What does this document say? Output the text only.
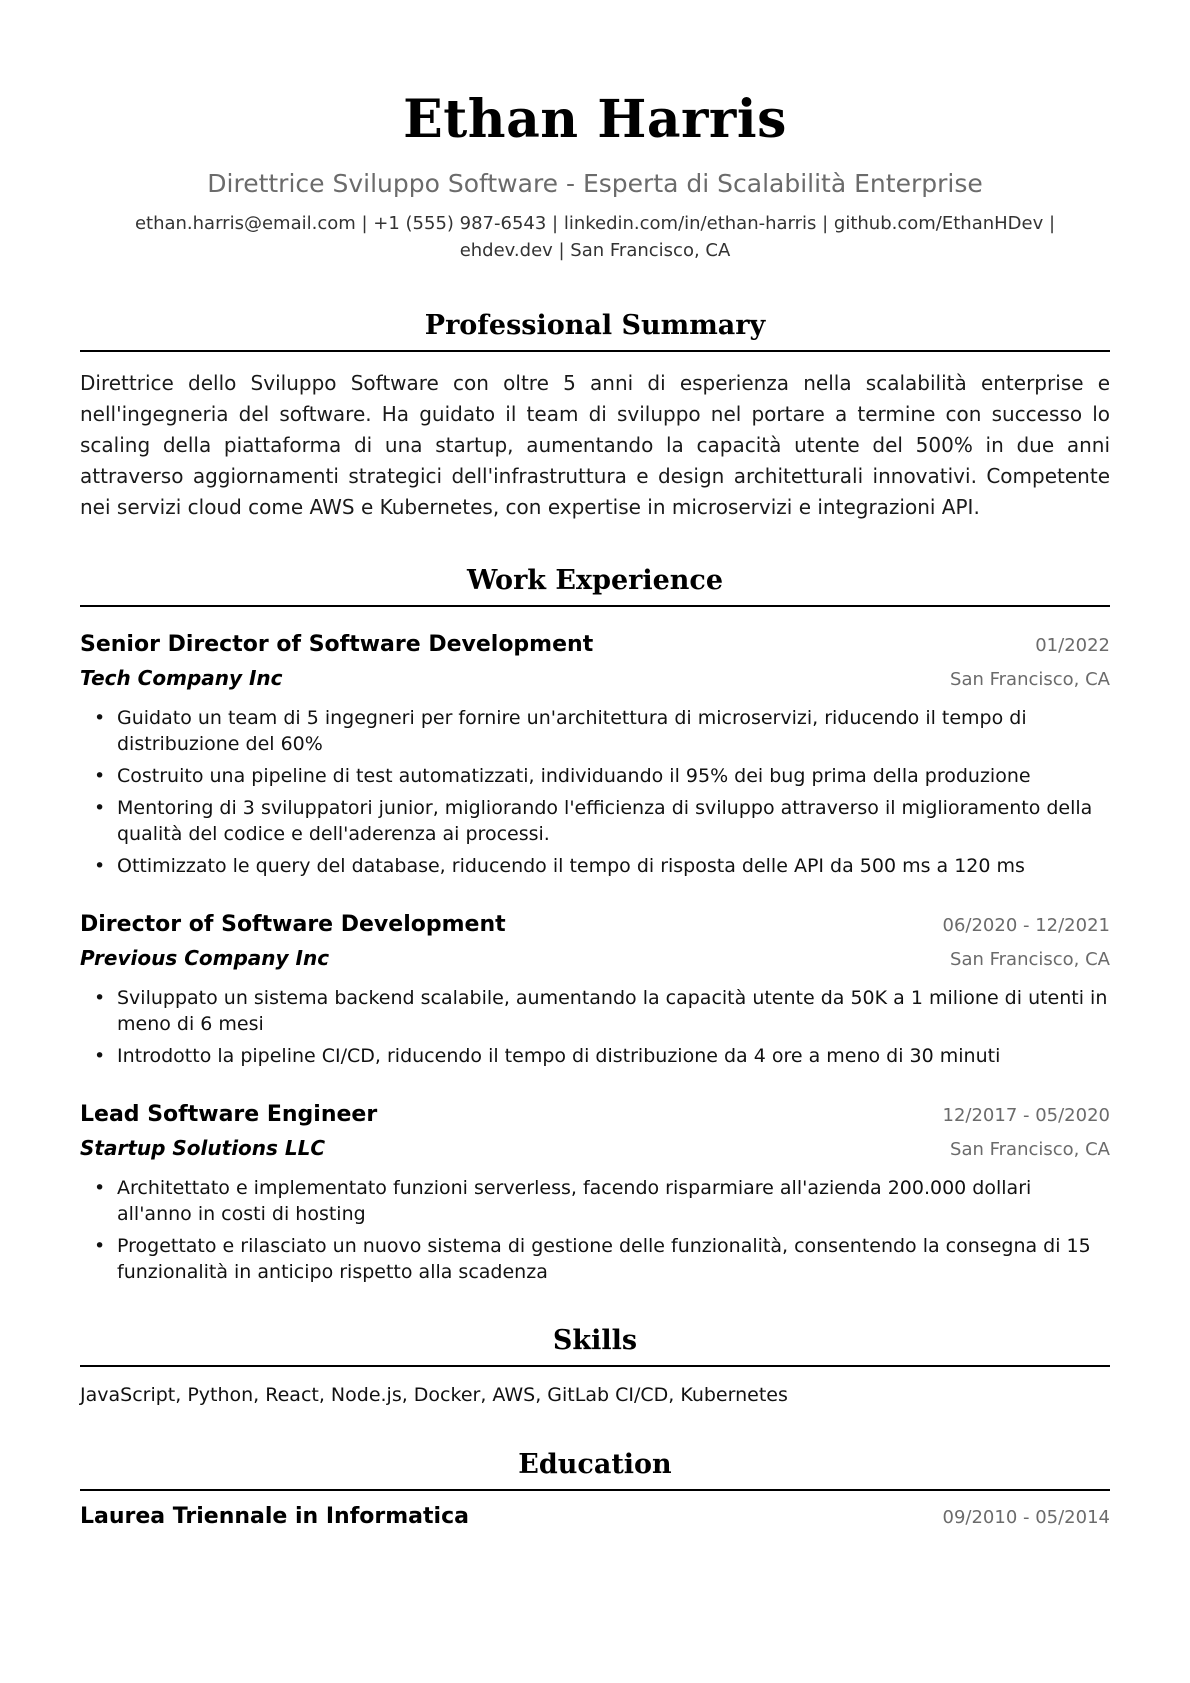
Ethan Harris
Direttrice Sviluppo Software - Esperta di Scalabilità Enterprise
ethan.harris@email.com | +1 (555) 987-6543 | linkedin.com/in/ethan-harris | github.com/EthanHDev |
ehdev.dev | San Francisco, CA
Professional Summary

Direttrice dello Sviluppo Software con oltre 5 anni di esperienza nella scalabilità enterprise e nell'ingegneria del software. Ha guidato il team di sviluppo nel portare a termine con successo lo scaling della piattaforma di una startup, aumentando la capacità utente del 500% in due anni attraverso aggiornamenti strategici dell'infrastruttura e design architetturali innovativi. Competente nei servizi cloud come AWS e Kubernetes, con expertise in microservizi e integrazioni API.

Work Experience
Senior Director of Software Development	01/2022
Tech Company Inc	San Francisco, CA
• Guidato un team di 5 ingegneri per fornire un'architettura di microservizi, riducendo il tempo di distribuzione del 60%
• Costruito una pipeline di test automatizzati, individuando il 95% dei bug prima della produzione
• Mentoring di 3 sviluppatori junior, migliorando l'efficienza di sviluppo attraverso il miglioramento della qualità del codice e dell'aderenza ai processi.
• Ottimizzato le query del database, riducendo il tempo di risposta delle API da 500 ms a 120 ms
Director of Software Development	06/2020 - 12/2021
Previous Company Inc	San Francisco, CA
• Sviluppato un sistema backend scalabile, aumentando la capacità utente da 50K a 1 milione di utenti in meno di 6 mesi
• Introdotto la pipeline CI/CD, riducendo il tempo di distribuzione da 4 ore a meno di 30 minuti
Lead Software Engineer	12/2017 - 05/2020
Startup Solutions LLC	San Francisco, CA
• Architettato e implementato funzioni serverless, facendo risparmiare all'azienda 200.000 dollari all'anno in costi di hosting
• Progettato e rilasciato un nuovo sistema di gestione delle funzionalità, consentendo la consegna di 15 funzionalità in anticipo rispetto alla scadenza
Skills

JavaScript, Python, React, Node.js, Docker, AWS, GitLab CI/CD, Kubernetes

Education
Laurea Triennale in Informatica	09/2010 - 05/2014
